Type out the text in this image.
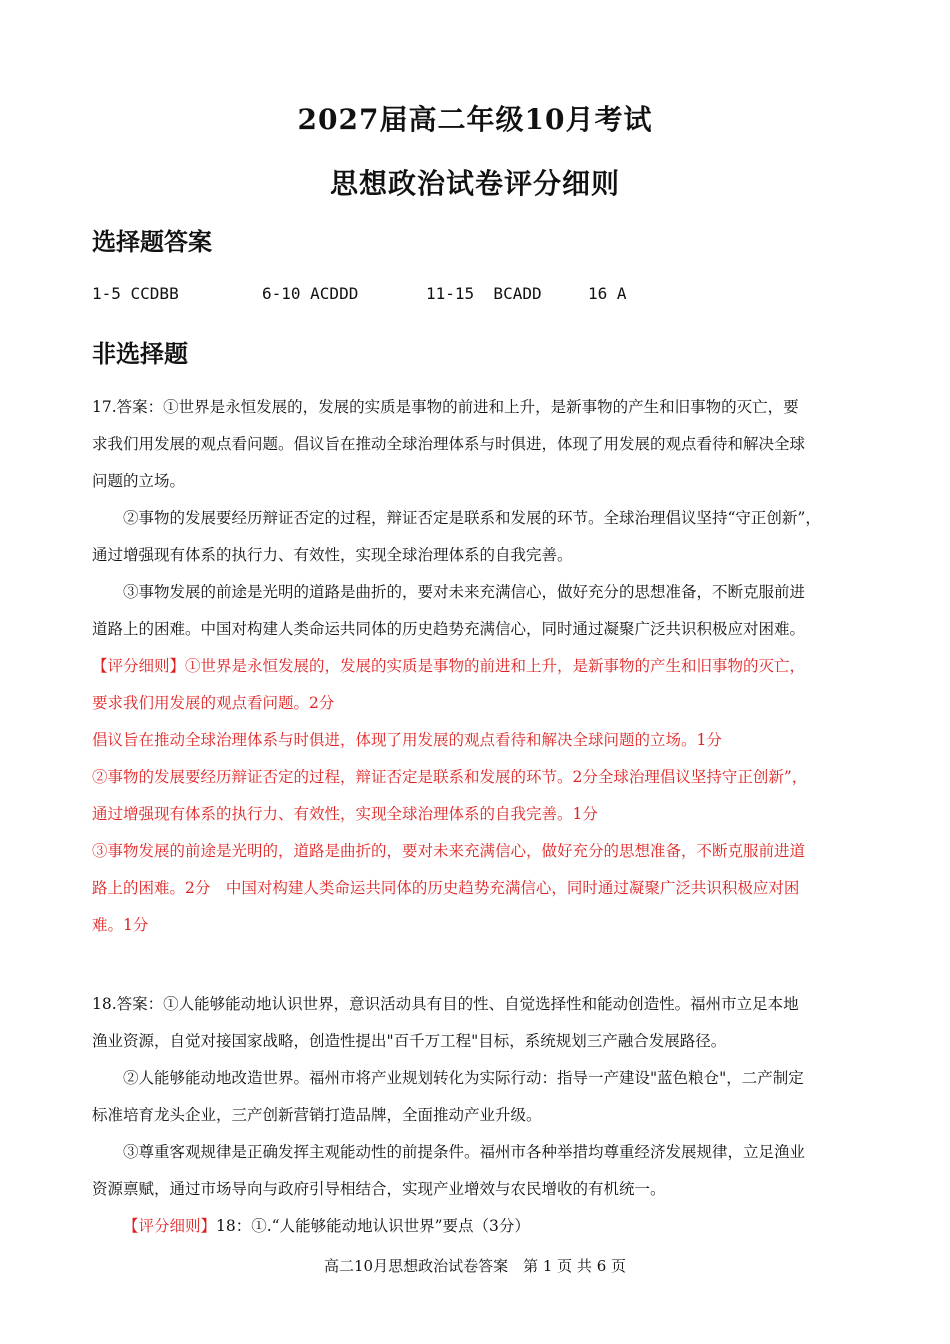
2027届高二年级10月考试
思想政治试卷评分细则
选择题答案
1-5 CCDBB	6-10 ACDDD	11-15  BCADD	16 A
非选择题
17.答案：①世界是永恒发展的，发展的实质是事物的前进和上升，是新事物的产生和旧事物的灭亡，要
求我们用发展的观点看问题。倡议旨在推动全球治理体系与时俱进，体现了用发展的观点看待和解决全球
问题的立场。
②事物的发展要经历辩证否定的过程，辩证否定是联系和发展的环节。全球治理倡议坚持“守正创新”，
通过增强现有体系的执行力、有效性，实现全球治理体系的自我完善。
③事物发展的前途是光明的道路是曲折的，要对未来充满信心，做好充分的思想准备，不断克服前进
道路上的困难。中国对构建人类命运共同体的历史趋势充满信心，同时通过凝聚广泛共识积极应对困难。
【评分细则】①世界是永恒发展的，发展的实质是事物的前进和上升，是新事物的产生和旧事物的灭亡，
要求我们用发展的观点看问题。2分
倡议旨在推动全球治理体系与时俱进，体现了用发展的观点看待和解决全球问题的立场。1分
②事物的发展要经历辩证否定的过程，辩证否定是联系和发展的环节。2分全球治理倡议坚持守正创新”，
通过增强现有体系的执行力、有效性，实现全球治理体系的自我完善。1分
③事物发展的前途是光明的，道路是曲折的，要对未来充满信心，做好充分的思想准备，不断克服前进道
路上的困难。2分　中国对构建人类命运共同体的历史趋势充满信心，同时通过凝聚广泛共识积极应对困
难。1分
18.答案：①人能够能动地认识世界，意识活动具有目的性、自觉选择性和能动创造性。福州市立足本地
渔业资源，自觉对接国家战略，创造性提出"百千万工程"目标，系统规划三产融合发展路径。
②人能够能动地改造世界。福州市将产业规划转化为实际行动：指导一产建设"蓝色粮仓"，二产制定
标准培育龙头企业，三产创新营销打造品牌，全面推动产业升级。
③尊重客观规律是正确发挥主观能动性的前提条件。福州市各种举措均尊重经济发展规律，立足渔业
资源禀赋，通过市场导向与政府引导相结合，实现产业增效与农民增收的有机统一。
【评分细则】18：①.“人能够能动地认识世界”要点（3分）
高二10月思想政治试卷答案　第 1 页 共 6 页
